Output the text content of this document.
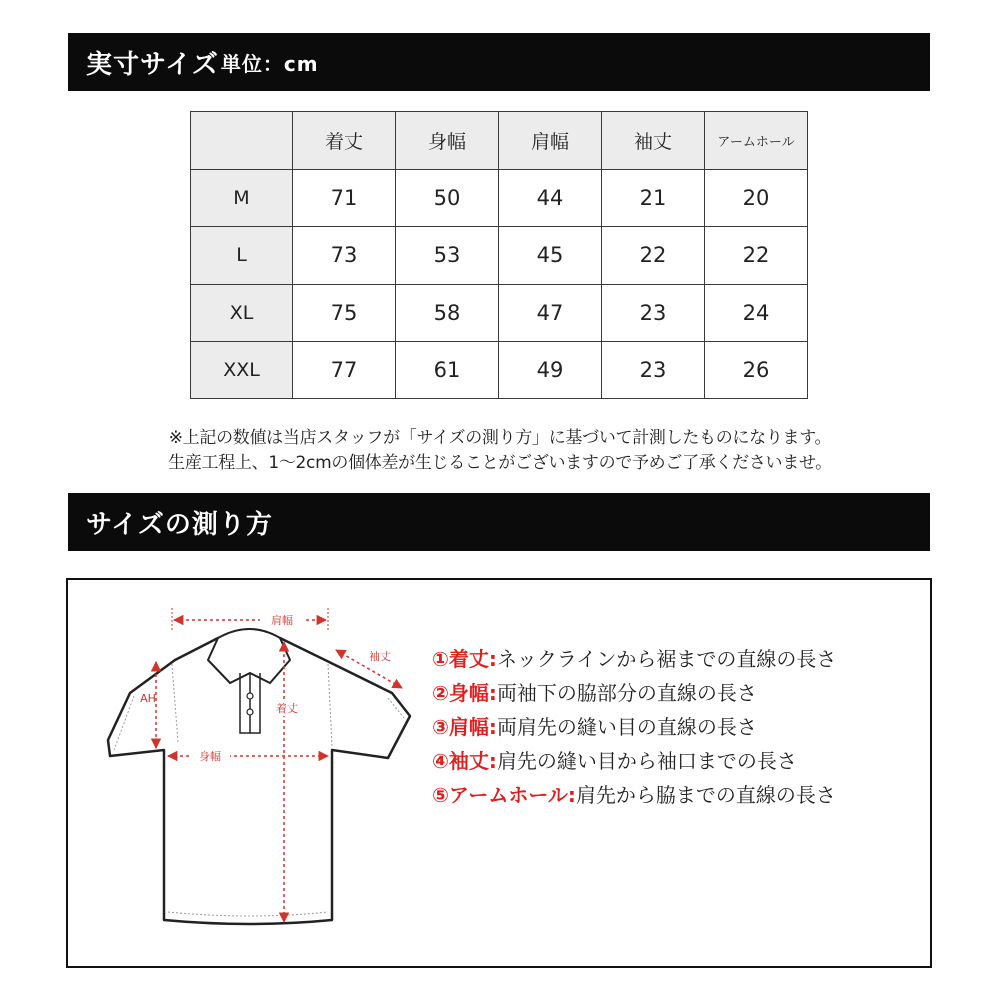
実寸サイズ 単位：cm
	着丈	身幅	肩幅	袖丈	アームホール
M	71	50	44	21	20
L	73	53	45	22	22
XL	75	58	47	23	24
XXL	77	61	49	23	26
※上記の数値は当店スタッフが「サイズの測り方」に基づいて計測したものになります。
生産工程上、1〜2cmの個体差が生じることがございますので予めご了承くださいませ。
サイズの測り方
肩幅
袖丈
AH
着丈
身幅
①着丈: ネックラインから裾までの直線の長さ
②身幅: 両袖下の脇部分の直線の長さ
③肩幅: 両肩先の縫い目の直線の長さ
④袖丈: 肩先の縫い目から袖口までの長さ
⑤アームホール: 肩先から脇までの直線の長さ
